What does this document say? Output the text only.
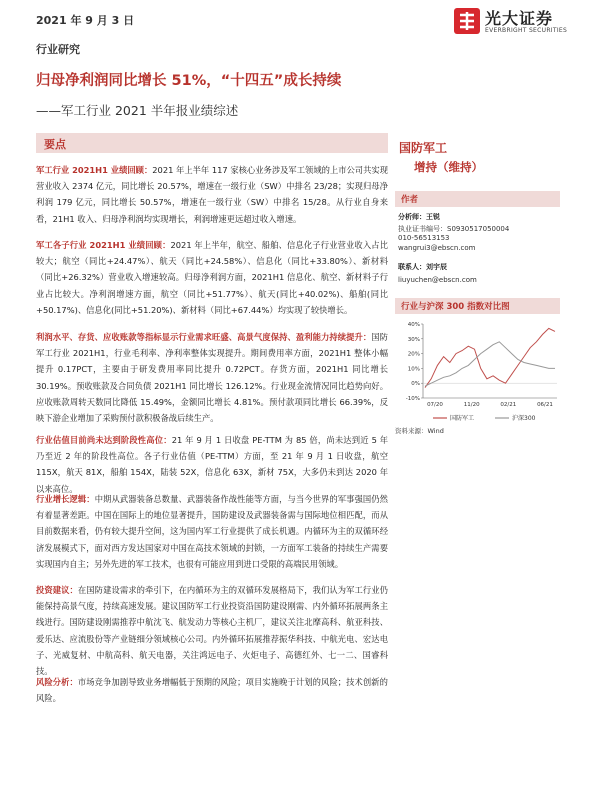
2021 年 9 月 3 日	光大证券
EVERBRIGHT SECURITIES
行业研究
归母净利润同比增长 51%，“十四五”成长持续
——军工行业 2021 半年报业绩综述
要点

军工行业 2021H1 业绩回顾：2021 年上半年 117 家核心业务涉及军工领域的上市公司共实现营业收入 2374 亿元，同比增长 20.57%，增速在一级行业（SW）中排名 23/28；实现归母净利润 179 亿元，同比增长 50.57%，增速在一级行业（SW）中排名 15/28。从行业自身来看，21H1 收入、归母净利润均实现增长，利润增速更远超过收入增速。

军工各子行业 2021H1 业绩回顾：2021 年上半年，航空、船舶、信息化子行业营业收入占比较大；航空（同比+24.47%）、航天（同比+24.58%）、信息化（同比+33.80%）、新材料（同比+26.32%）营业收入增速较高。归母净利润方面，2021H1 信息化、航空、新材料子行业占比较大。净利润增速方面，航空（同比+51.77%）、航天(同比+40.02%)、船舶(同比+50.17%)、信息化(同比+51.20%)、新材料（同比+67.44%）均实现了较快增长。

利润水平、存货、应收账款等指标显示行业需求旺盛、高景气度保持、盈利能力持续提升：国防军工行业 2021H1，行业毛利率、净利率整体实现提升。期间费用率方面，2021H1 整体小幅提升 0.17PCT，主要由于研发费用率同比提升 0.72PCT。存货方面，2021H1 同比增长 30.19%。预收账款及合同负债 2021H1 同比增长 126.12%。行业现金流情况同比趋势向好。应收账款周转天数同比降低 15.49%，金额同比增长 4.81%。预付款项同比增长 66.39%，反映下游企业增加了采购预付款积极备战后续生产。

行业估值目前尚未达到阶段性高位：21 年 9 月 1 日收盘 PE-TTM 为 85 倍，尚未达到近 5 年乃至近 2 年的阶段性高位。各子行业估值（PE-TTM）方面，至 21 年 9 月 1 日收盘，航空 115X，航天 81X，船舶 154X，陆装 52X，信息化 63X，新材 75X，大多仍未到达 2020 年以来高位。

行业增长逻辑：中期从武器装备总数量、武器装备作战性能等方面，与当今世界的军事强国仍然有着显著差距。中国在国际上的地位显著提升，国防建设及武器装备需与国际地位相匹配，而从目前数据来看，仍有较大提升空间，这为国内军工行业提供了成长机遇。内循环为主的双循环经济发展模式下，面对西方发达国家对中国在高技术领域的封锁，一方面军工装备的持续生产需要实现国内自主；另外先进的军工技术，也很有可能应用到进口受限的高端民用领域。

投资建议：在国防建设需求的牵引下，在内循环为主的双循环发展格局下，我们认为军工行业仍能保持高景气度，持续高速发展。建议国防军工行业投资沿国防建设刚需、内外循环拓展两条主线进行。国防建设刚需推荐中航沈飞、航发动力等核心主机厂，建议关注北摩高科、航亚科技、爱乐达、应流股份等产业链细分领域核心公司。内外循环拓展推荐振华科技、中航光电、宏达电子、光威复材、中航高科、航天电器，关注鸿远电子、火炬电子、高德红外、七一二、国睿科技。

风险分析：市场竞争加剧导致业务增幅低于预期的风险；项目实施晚于计划的风险；技术创新的风险。

国防军工
增持（维持）
作者
分析师：王锐
执业证书编号：S0930517050004
010-56513153
wangrui3@ebscn.com
联系人：刘宇辰
liuyuchen@ebscn.com
行业与沪深 300 指数对比图
-10%
0%
10%
20%
30%
40%
07/20	11/20	02/21	06/21
国防军工	沪深300
资料来源：Wind
